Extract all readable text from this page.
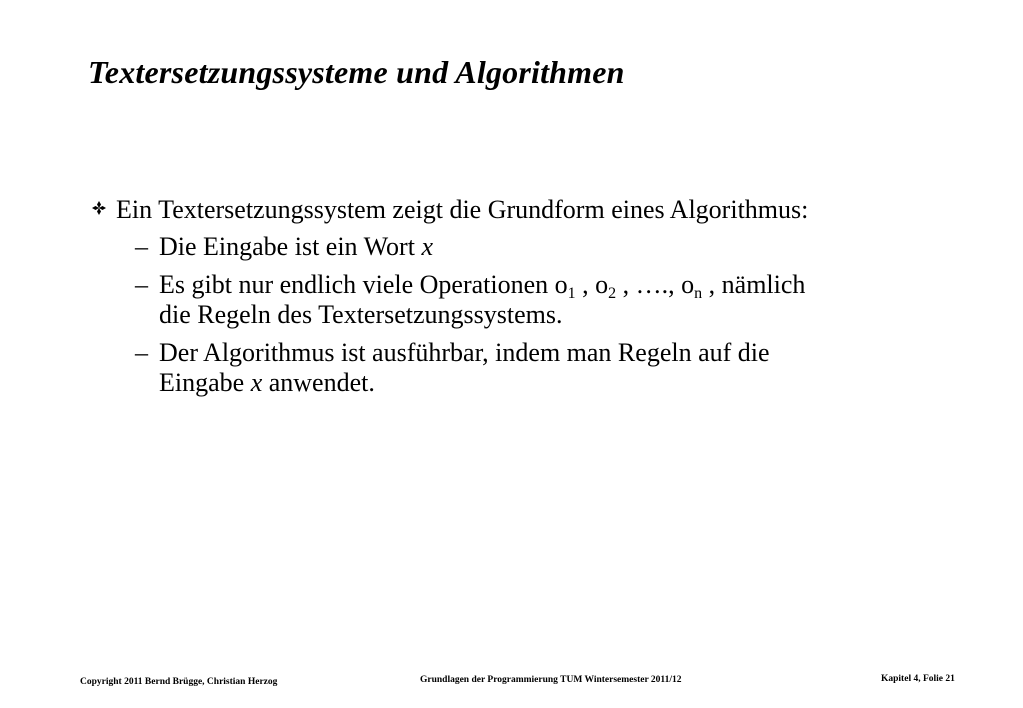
Textersetzungssysteme und Algorithmen
Ein Textersetzungssystem zeigt die Grundform eines Algorithmus:
– Die Eingabe ist ein Wort x
– Es gibt nur endlich viele Operationen $o_1$ , $o_2$ , …., $o_n$ , nämlich
die Regeln des Textersetzungssystems.
– Der Algorithmus ist ausführbar, indem man Regeln auf die
Eingabe x anwendet.
Copyright 2011 Bernd Brügge, Christian Herzog	Grundlagen der Programmierung TUM Wintersemester 2011/12	Kapitel 4, Folie 21
